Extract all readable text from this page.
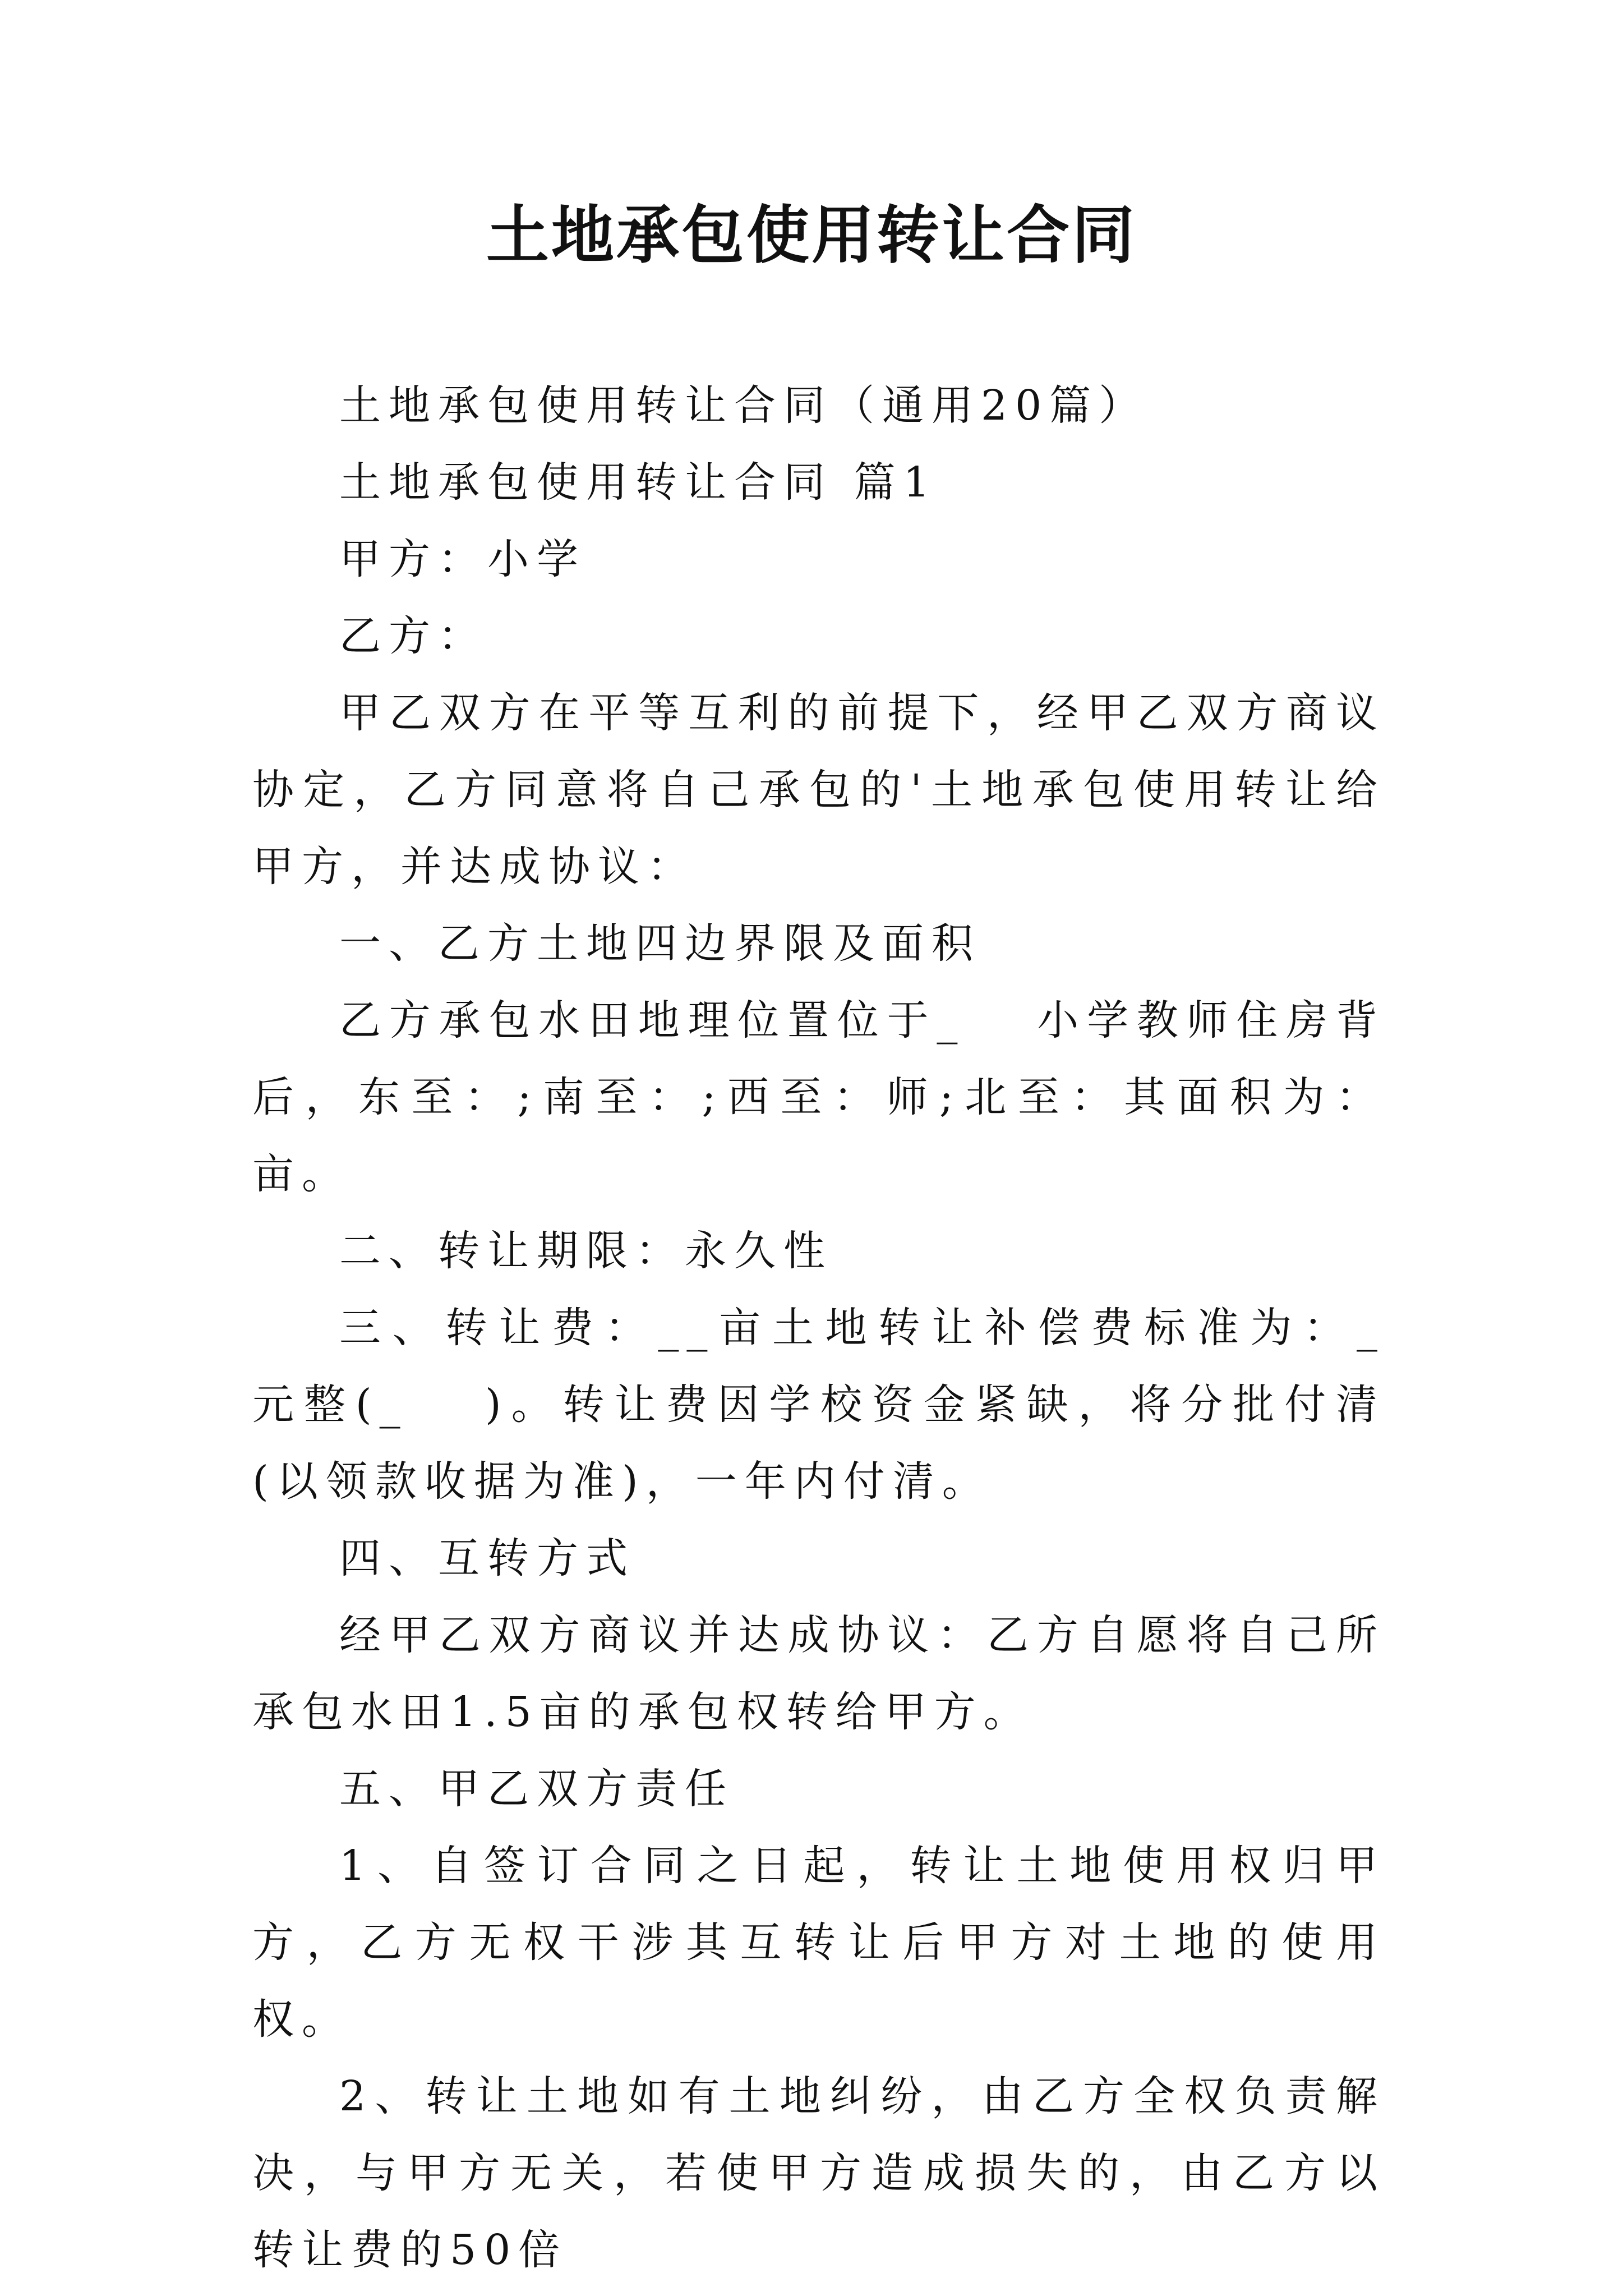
土地承包使用转让合同

土地承包使用转让合同（通用20篇）

土地承包使用转让合同 篇1

甲方：小学

乙方：

甲乙双方在平等互利的前提下，经甲乙双方商议协定，乙方同意将自己承包的'土地承包使用转让给甲方，并达成协议：

一、乙方土地四边界限及面积

乙方承包水田地理位置位于_　 小学教师住房背后，东至：;南至：;西至：师;北至：其面积为：亩。

二、转让期限：永久性

三、转让费：__亩土地转让补偿费标准为：_　 　 元整(_　 )。转让费因学校资金紧缺，将分批付清(以领款收据为准)，一年内付清。

四、互转方式

经甲乙双方商议并达成协议：乙方自愿将自己所承包水田1.5亩的承包权转给甲方。

五、甲乙双方责任

1、自签订合同之日起，转让土地使用权归甲方，乙方无权干涉其互转让后甲方对土地的使用权。

2、转让土地如有土地纠纷，由乙方全权负责解决，与甲方无关，若使甲方造成损失的，由乙方以转让费的50倍
